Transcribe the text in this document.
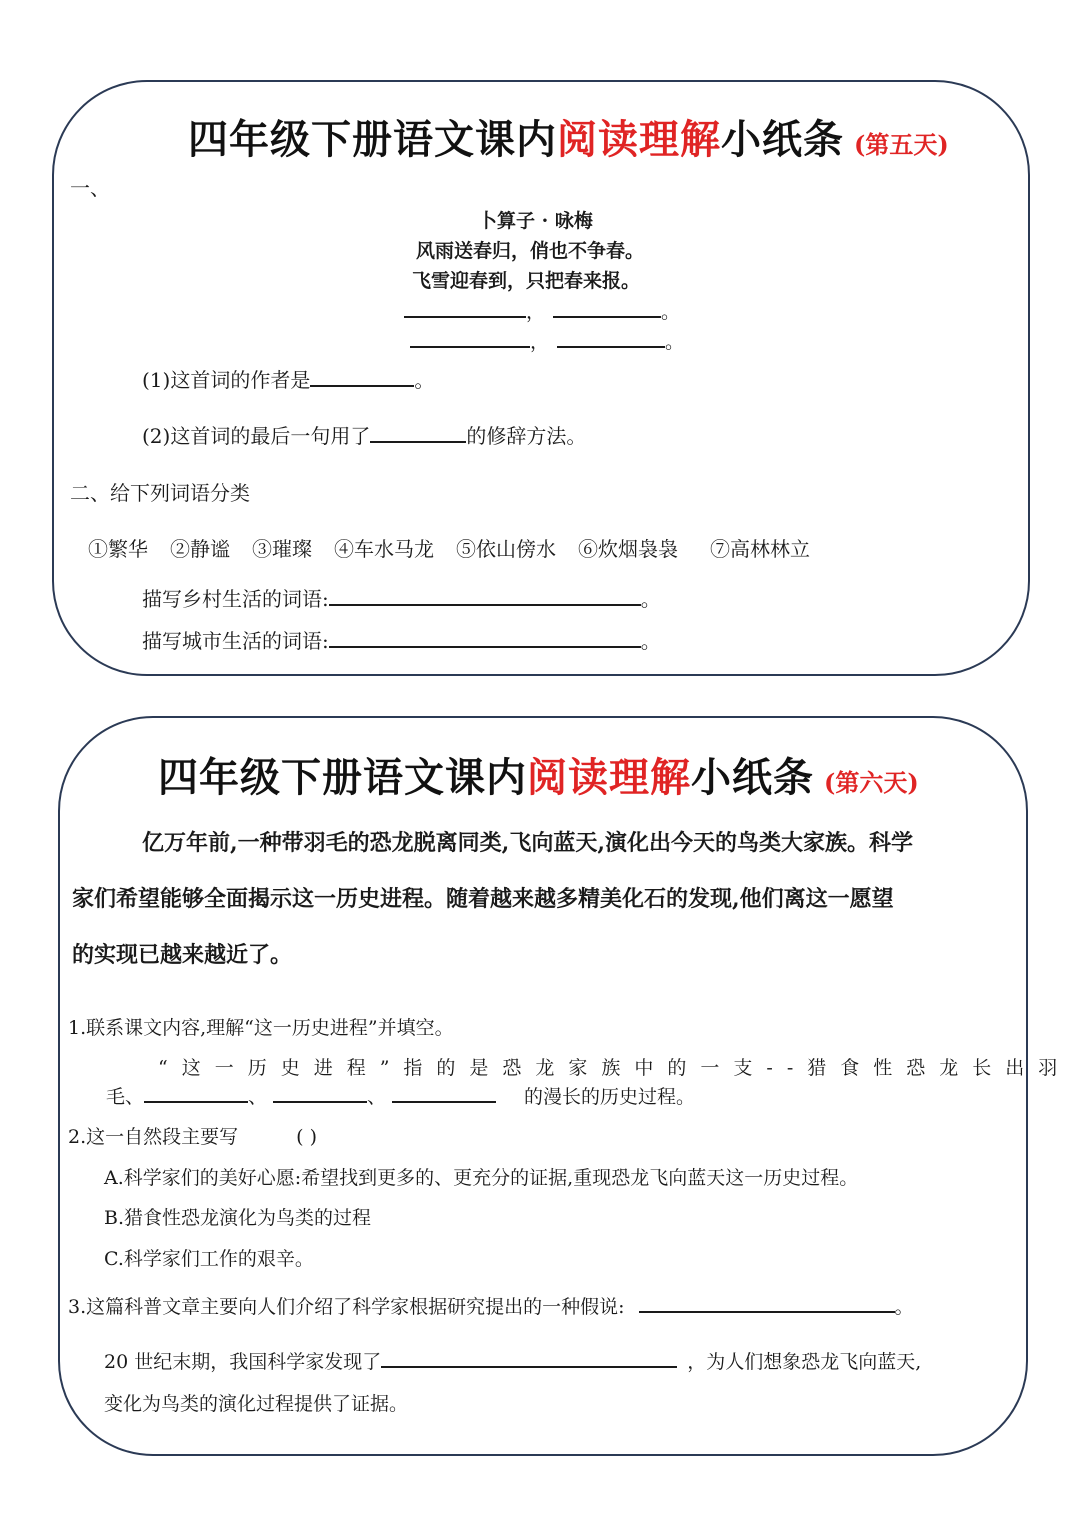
四年级下册语文课内阅读理解小纸条 (第五天)
一、
卜算子 · 咏梅
风雨送春归，俏也不争春。
飞雪迎春到，只把春来报。
，	。
，	。
(1)这首词的作者是	。
(2)这首词的最后一句用了	的修辞方法。
二、给下列词语分类
①繁华 ②静谧 ③璀璨 ④车水马龙 ⑤依山傍水 ⑥炊烟袅袅 ⑦高林林立
描写乡村生活的词语:	。
描写城市生活的词语:	。
四年级下册语文课内阅读理解小纸条 (第六天)
亿万年前,一种带羽毛的恐龙脱离同类,飞向蓝天,演化出今天的鸟类大家族。科学
家们希望能够全面揭示这一历史进程。随着越来越多精美化石的发现,他们离这一愿望
的实现已越来越近了。
1.联系课文内容,理解“这一历史进程”并填空。
“这一历史进程”指的是恐龙家族中的一支--猎食性恐龙长出羽
毛、	、	、	的漫长的历史过程。
2.这一自然段主要写	( )
A.科学家们的美好心愿:希望找到更多的、更充分的证据,重现恐龙飞向蓝天这一历史过程。
B.猎食性恐龙演化为鸟类的过程
C.科学家们工作的艰辛。
3.这篇科普文章主要向人们介绍了科学家根据研究提出的一种假说:	。
20 世纪末期，我国科学家发现了	，为人们想象恐龙飞向蓝天,
变化为鸟类的演化过程提供了证据。
